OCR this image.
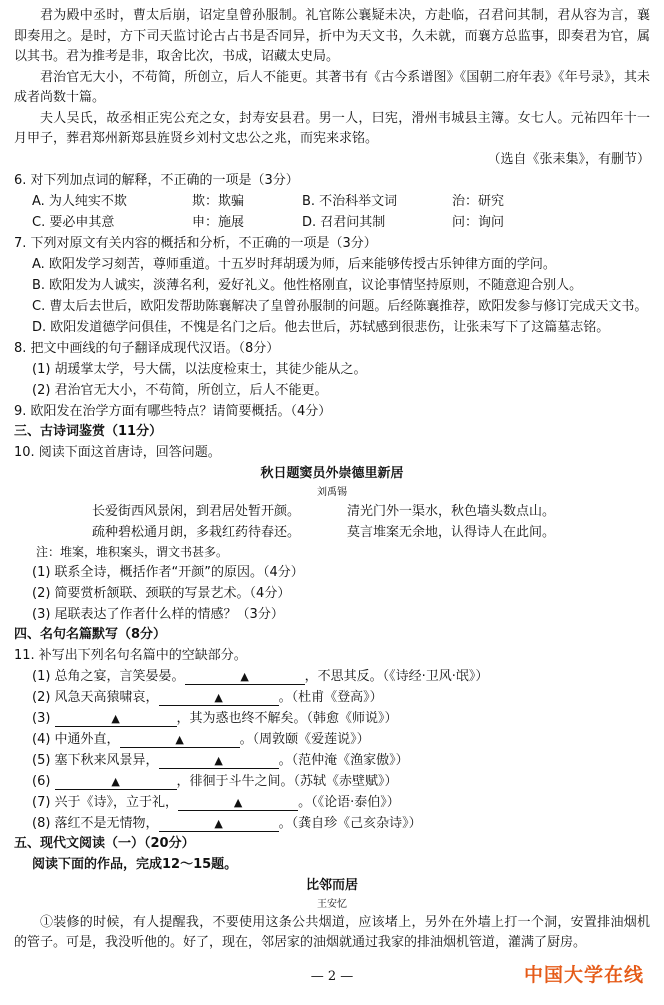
君为殿中丞时，曹太后崩，诏定皇曾孙服制。礼官陈公襄疑未决，方赴临，召君问其制，君从容为言，襄即奏用之。是时，方下司天监讨论古占书是否同异，折中为天文书，久未就，而襄方总监事，即奏君为官，属以其书。君为推考是非，取舍比次，书成，诏藏太史局。

君治官无大小，不苟简，所创立，后人不能更。其著书有《古今系谱图》《国朝二府年表》《年号录》，其未成者尚数十篇。

夫人吴氏，故丞相正宪公充之女，封寿安县君。男一人，曰宪，滑州韦城县主簿。女七人。元祐四年十一月甲子，葬君郑州新郑县旌贤乡刘村文忠公之兆，而宪来求铭。

（选自《张耒集》，有删节）

6. 对下列加点词的解释，不正确的一项是（3分）

A. 为人纯实不欺	欺：欺骗	B. 不治科举文词	治：研究
C. 要必申其意	申：施展	D. 召君问其制	问：询问

7. 下列对原文有关内容的概括和分析，不正确的一项是（3分）

A. 欧阳发学习刻苦，尊师重道。十五岁时拜胡瑗为师，后来能够传授古乐钟律方面的学问。

B. 欧阳发为人诚实，淡薄名利，爱好礼义。他性格刚直，议论事情坚持原则，不随意迎合别人。

C. 曹太后去世后，欧阳发帮助陈襄解决了皇曾孙服制的问题。后经陈襄推荐，欧阳发参与修订完成天文书。

D. 欧阳发道德学问俱佳，不愧是名门之后。他去世后，苏轼感到很悲伤，让张耒写下了这篇墓志铭。

8. 把文中画线的句子翻译成现代汉语。（8分）

(1) 胡瑗掌太学，号大儒，以法度检束士，其徒少能从之。

(2) 君治官无大小，不苟简，所创立，后人不能更。

9. 欧阳发在治学方面有哪些特点？请简要概括。（4分）

三、古诗词鉴赏（11分）

10. 阅读下面这首唐诗，回答问题。

秋日题窦员外崇德里新居

刘禹锡

长爱街西风景闲，到君居处暂开颜。	清光门外一渠水，秋色墙头数点山。
疏种碧松通月朗，多栽红药待春还。	莫言堆案无余地，认得诗人在此间。

注：堆案，堆积案头，谓文书甚多。

(1) 联系全诗，概括作者“开颜”的原因。（4分）

(2) 简要赏析颔联、颈联的写景艺术。（4分）

(3) 尾联表达了作者什么样的情感？（3分）

四、名句名篇默写（8分）

11. 补写出下列名句名篇中的空缺部分。

(1) 总角之宴，言笑晏晏。	▲	，不思其反。（《诗经·卫风·氓》）

(2) 风急天高猿啸哀，	▲	。（杜甫《登高》）

(3)	▲	，其为惑也终不解矣。（韩愈《师说》）

(4) 中通外直，	▲	。（周敦颐《爱莲说》）

(5) 塞下秋来风景异，	▲	。（范仲淹《渔家傲》）

(6)	▲	，徘徊于斗牛之间。（苏轼《赤壁赋》）

(7) 兴于《诗》，立于礼，	▲	。（《论语·泰伯》）

(8) 落红不是无情物，	▲	。（龚自珍《己亥杂诗》）

五、现代文阅读（一）（20分）

阅读下面的作品，完成12～15题。

比邻而居

王安忆

①装修的时候，有人提醒我，不要使用这条公共烟道，应该堵上，另外在外墙上打一个洞，安置排油烟机的管子。可是，我没听他的。好了，现在，邻居家的油烟就通过我家的排油烟机管道，灌满了厨房。

— 2 —	中国大学在线
